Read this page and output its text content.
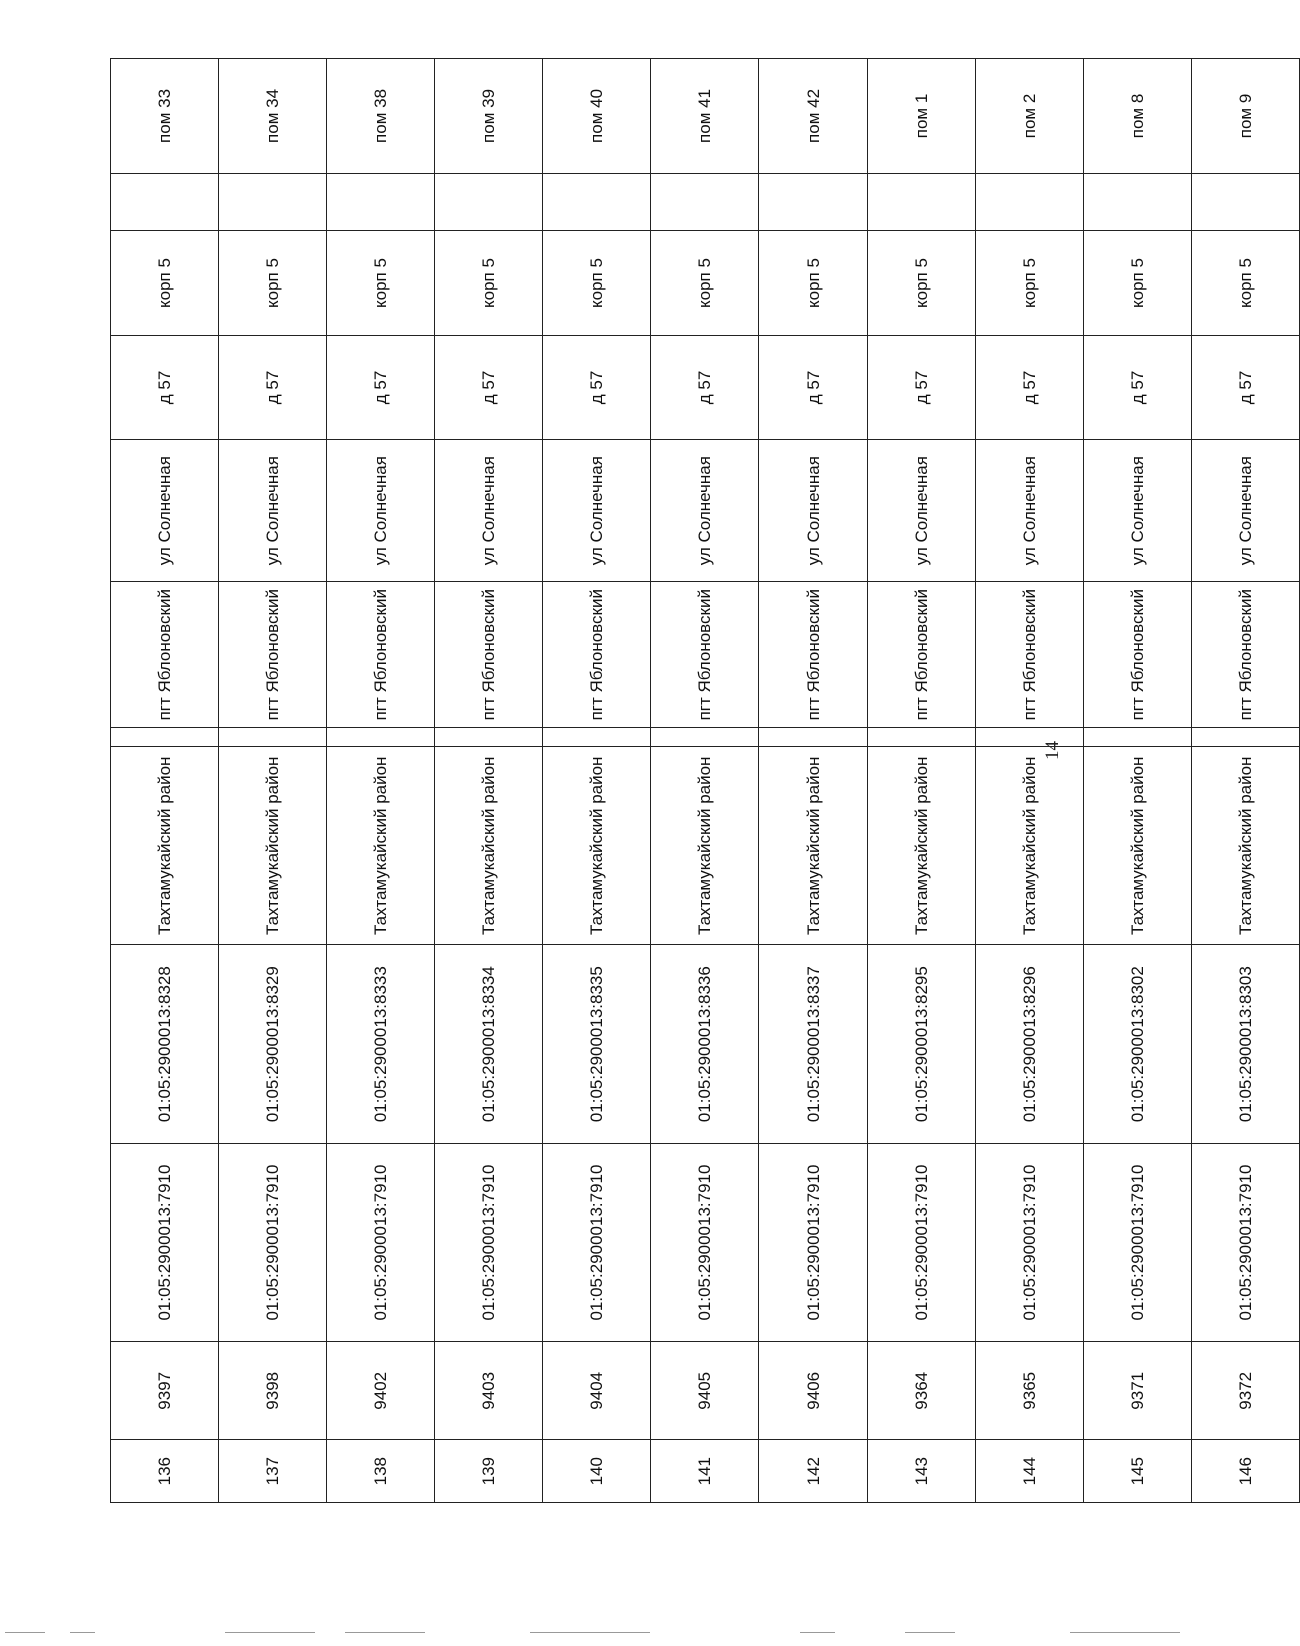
136	9397	01:05:2900013:7910	01:05:2900013:8328	Тахтамукайский район		пгт Яблоновский	ул Солнечная	д 57	корп 5		пом 33
137	9398	01:05:2900013:7910	01:05:2900013:8329	Тахтамукайский район		пгт Яблоновский	ул Солнечная	д 57	корп 5		пом 34
138	9402	01:05:2900013:7910	01:05:2900013:8333	Тахтамукайский район		пгт Яблоновский	ул Солнечная	д 57	корп 5		пом 38
139	9403	01:05:2900013:7910	01:05:2900013:8334	Тахтамукайский район		пгт Яблоновский	ул Солнечная	д 57	корп 5		пом 39
140	9404	01:05:2900013:7910	01:05:2900013:8335	Тахтамукайский район		пгт Яблоновский	ул Солнечная	д 57	корп 5		пом 40
141	9405	01:05:2900013:7910	01:05:2900013:8336	Тахтамукайский район		пгт Яблоновский	ул Солнечная	д 57	корп 5		пом 41
142	9406	01:05:2900013:7910	01:05:2900013:8337	Тахтамукайский район		пгт Яблоновский	ул Солнечная	д 57	корп 5		пом 42
143	9364	01:05:2900013:7910	01:05:2900013:8295	Тахтамукайский район		пгт Яблоновский	ул Солнечная	д 57	корп 5		пом 1
144	9365	01:05:2900013:7910	01:05:2900013:8296	Тахтамукайский район		пгт Яблоновский	ул Солнечная	д 57	корп 5		пом 2
145	9371	01:05:2900013:7910	01:05:2900013:8302	Тахтамукайский район		пгт Яблоновский	ул Солнечная	д 57	корп 5		пом 8
146	9372	01:05:2900013:7910	01:05:2900013:8303	Тахтамукайский район		пгт Яблоновский	ул Солнечная	д 57	корп 5		пом 9
14
